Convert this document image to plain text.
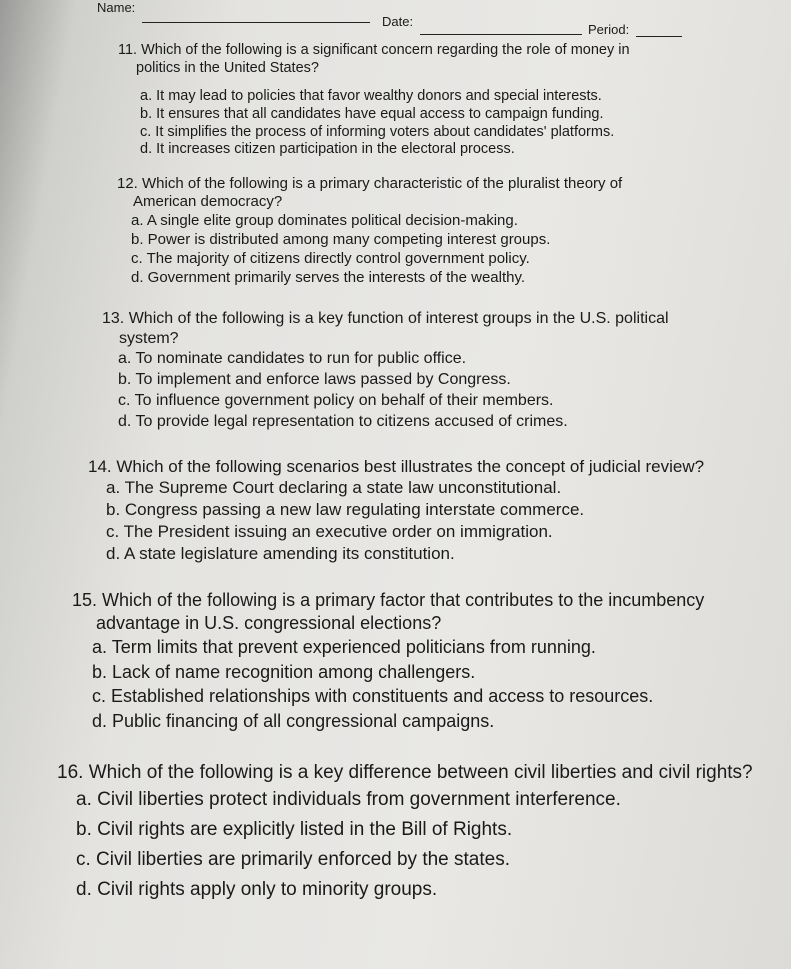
Name:
Date:
Period:
11. Which of the following is a significant concern regarding the role of money in
politics in the United States?
a. It may lead to policies that favor wealthy donors and special interests.
b. It ensures that all candidates have equal access to campaign funding.
c. It simplifies the process of informing voters about candidates' platforms.
d. It increases citizen participation in the electoral process.
12. Which of the following is a primary characteristic of the pluralist theory of
American democracy?
a. A single elite group dominates political decision-making.
b. Power is distributed among many competing interest groups.
c. The majority of citizens directly control government policy.
d. Government primarily serves the interests of the wealthy.
13. Which of the following is a key function of interest groups in the U.S. political
system?
a. To nominate candidates to run for public office.
b. To implement and enforce laws passed by Congress.
c. To influence government policy on behalf of their members.
d. To provide legal representation to citizens accused of crimes.
14. Which of the following scenarios best illustrates the concept of judicial review?
a. The Supreme Court declaring a state law unconstitutional.
b. Congress passing a new law regulating interstate commerce.
c. The President issuing an executive order on immigration.
d. A state legislature amending its constitution.
15. Which of the following is a primary factor that contributes to the incumbency
advantage in U.S. congressional elections?
a. Term limits that prevent experienced politicians from running.
b. Lack of name recognition among challengers.
c. Established relationships with constituents and access to resources.
d. Public financing of all congressional campaigns.
16. Which of the following is a key difference between civil liberties and civil rights?
a. Civil liberties protect individuals from government interference.
b. Civil rights are explicitly listed in the Bill of Rights.
c. Civil liberties are primarily enforced by the states.
d. Civil rights apply only to minority groups.
